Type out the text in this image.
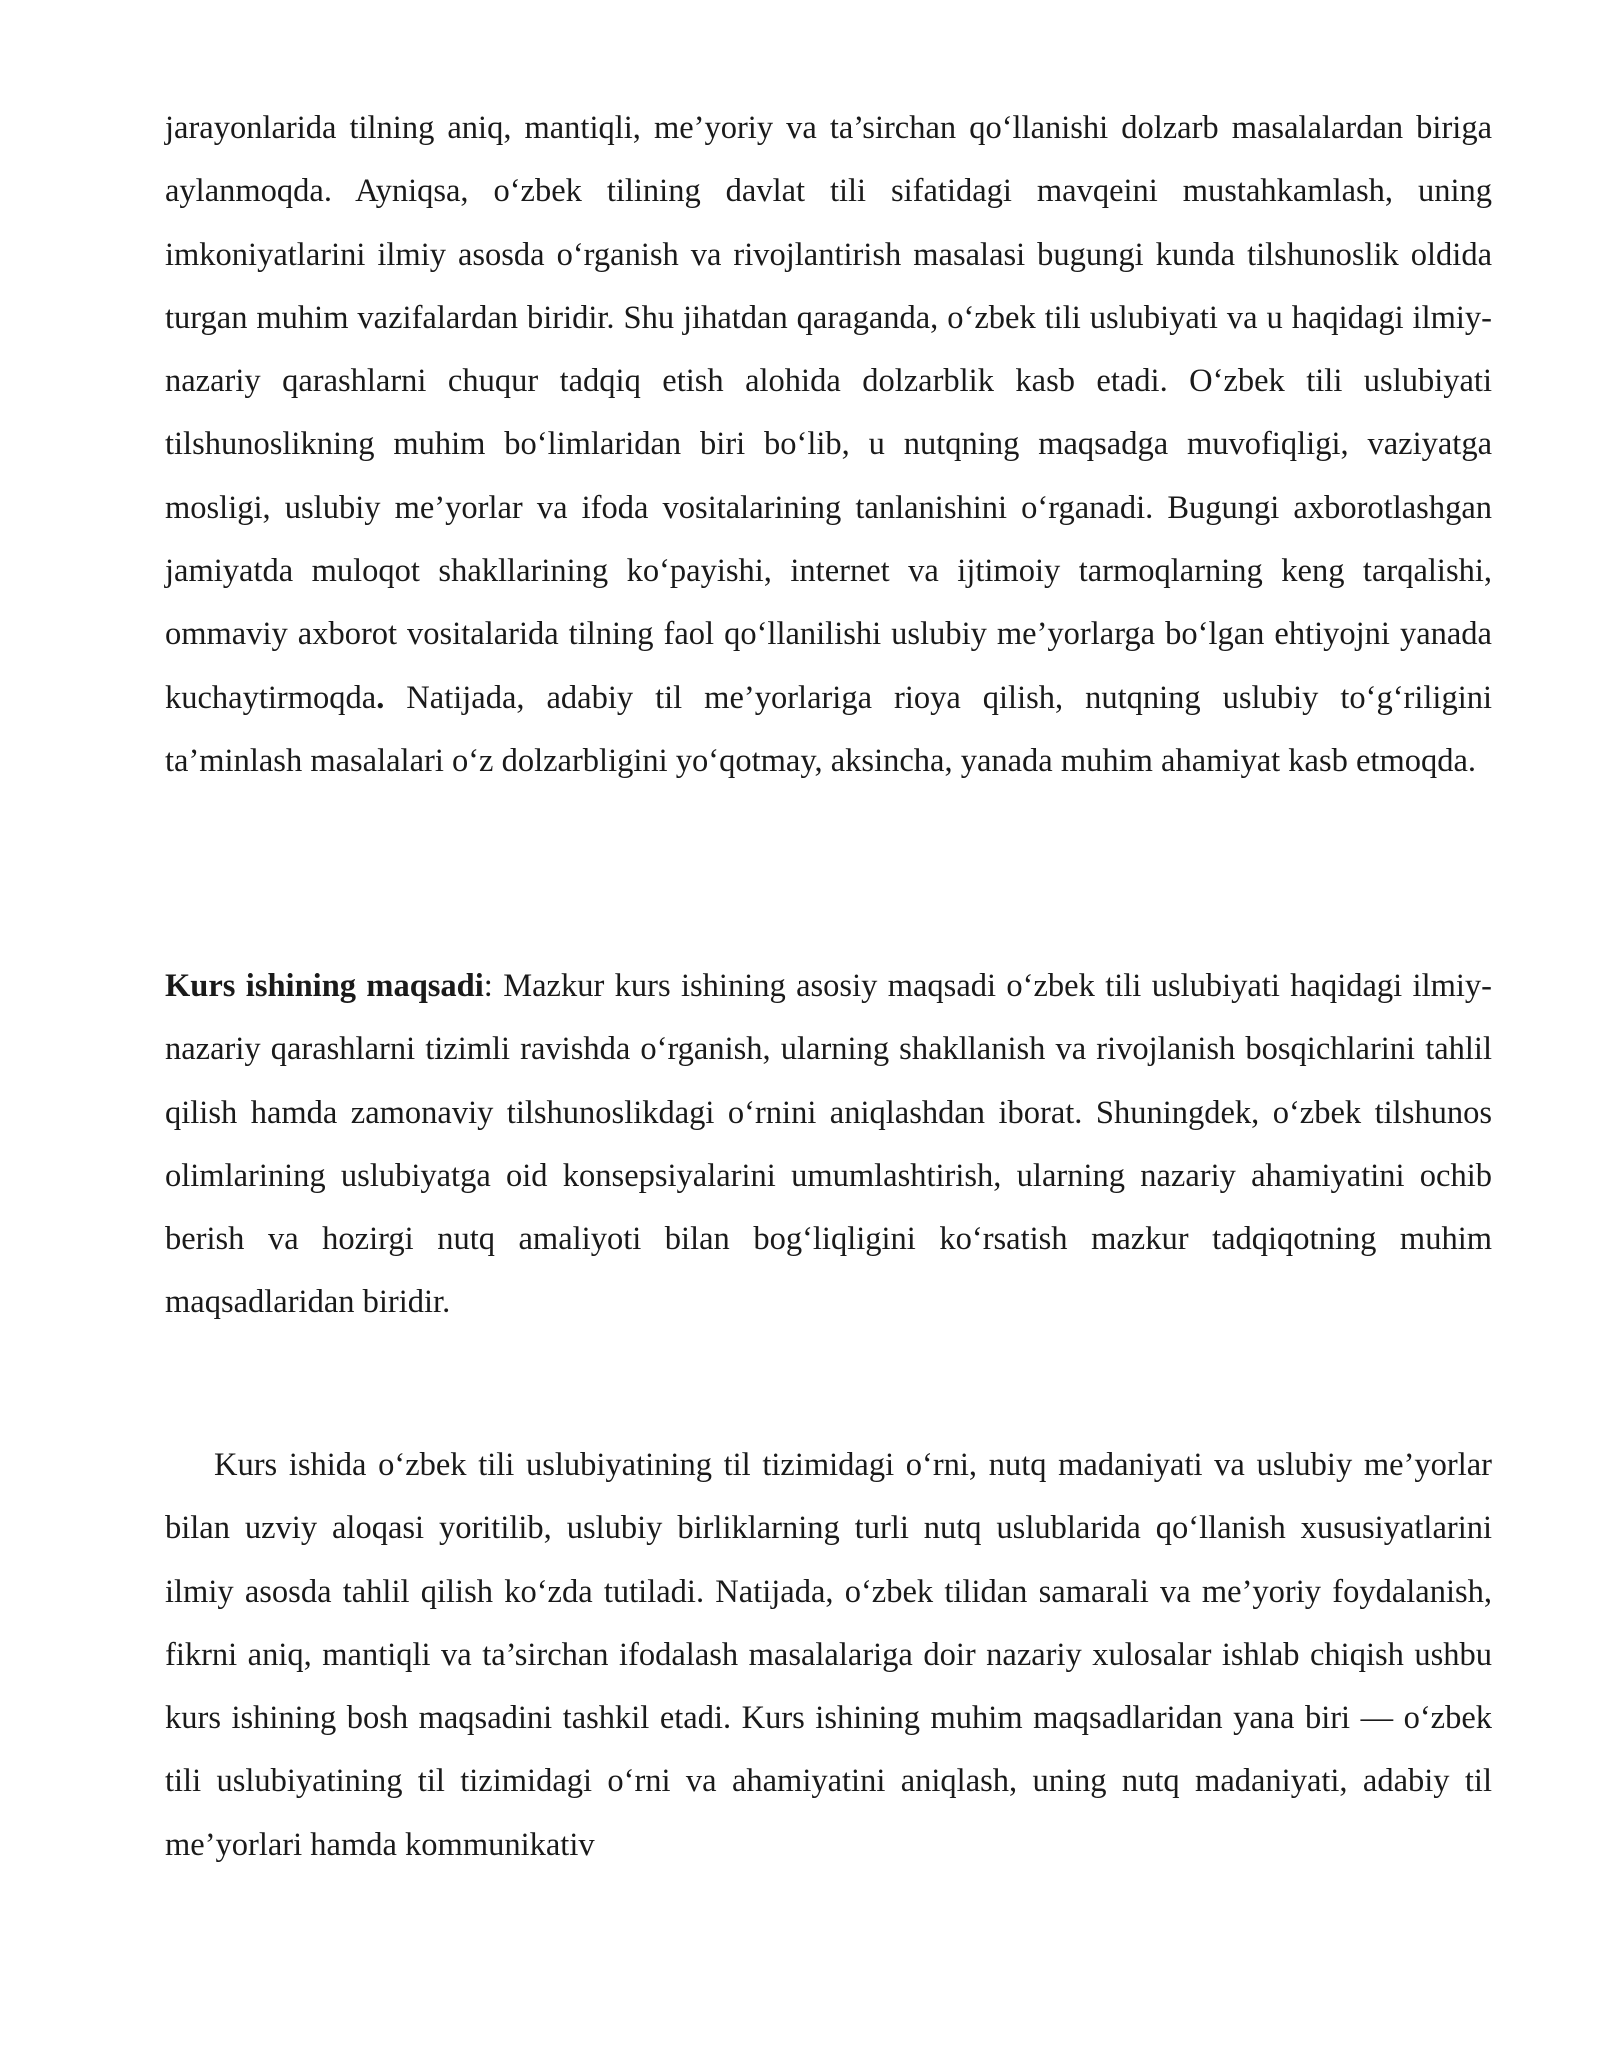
jarayonlarida tilning aniq, mantiqli, me’yoriy va ta’sirchan qo‘llanishi dolzarb masalalardan biriga aylanmoqda. Ayniqsa, o‘zbek tilining davlat tili sifatidagi mavqeini mustahkamlash, uning imkoniyatlarini ilmiy asosda o‘rganish va rivojlantirish masalasi bugungi kunda tilshunoslik oldida turgan muhim vazifalardan biridir. Shu jihatdan qaraganda, o‘zbek tili uslubiyati va u haqidagi ilmiy-nazariy qarashlarni chuqur tadqiq etish alohida dolzarblik kasb etadi. O‘zbek tili uslubiyati tilshunoslikning muhim bo‘limlaridan biri bo‘lib, u nutqning maqsadga muvofiqligi, vaziyatga mosligi, uslubiy me’yorlar va ifoda vositalarining tanlanishini o‘rganadi. Bugungi axborotlashgan jamiyatda muloqot shakllarining ko‘payishi, internet va ijtimoiy tarmoqlarning keng tarqalishi, ommaviy axborot vositalarida tilning faol qo‘llanilishi uslubiy me’yorlarga bo‘lgan ehtiyojni yanada kuchaytirmoqda. Natijada, adabiy til me’yorlariga rioya qilish, nutqning uslubiy to‘g‘riligini ta’minlash masalalari o‘z dolzarbligini yo‘qotmay, aksincha, yanada muhim ahamiyat kasb etmoqda.

Kurs ishining maqsadi: Mazkur kurs ishining asosiy maqsadi o‘zbek tili uslubiyati haqidagi ilmiy-nazariy qarashlarni tizimli ravishda o‘rganish, ularning shakllanish va rivojlanish bosqichlarini tahlil qilish hamda zamonaviy tilshunoslikdagi o‘rnini aniqlashdan iborat. Shuningdek, o‘zbek tilshunos olimlarining uslubiyatga oid konsepsiyalarini umumlashtirish, ularning nazariy ahamiyatini ochib berish va hozirgi nutq amaliyoti bilan bog‘liqligini ko‘rsatish mazkur tadqiqotning muhim maqsadlaridan biridir.

Kurs ishida o‘zbek tili uslubiyatining til tizimidagi o‘rni, nutq madaniyati va uslubiy me’yorlar bilan uzviy aloqasi yoritilib, uslubiy birliklarning turli nutq uslublarida qo‘llanish xususiyatlarini ilmiy asosda tahlil qilish ko‘zda tutiladi. Natijada, o‘zbek tilidan samarali va me’yoriy foydalanish, fikrni aniq, mantiqli va ta’sirchan ifodalash masalalariga doir nazariy xulosalar ishlab chiqish ushbu kurs ishining bosh maqsadini tashkil etadi. Kurs ishining muhim maqsadlaridan yana biri — o‘zbek tili uslubiyatining til tizimidagi o‘rni va ahamiyatini aniqlash, uning nutq madaniyati, adabiy til me’yorlari hamda kommunikativ
